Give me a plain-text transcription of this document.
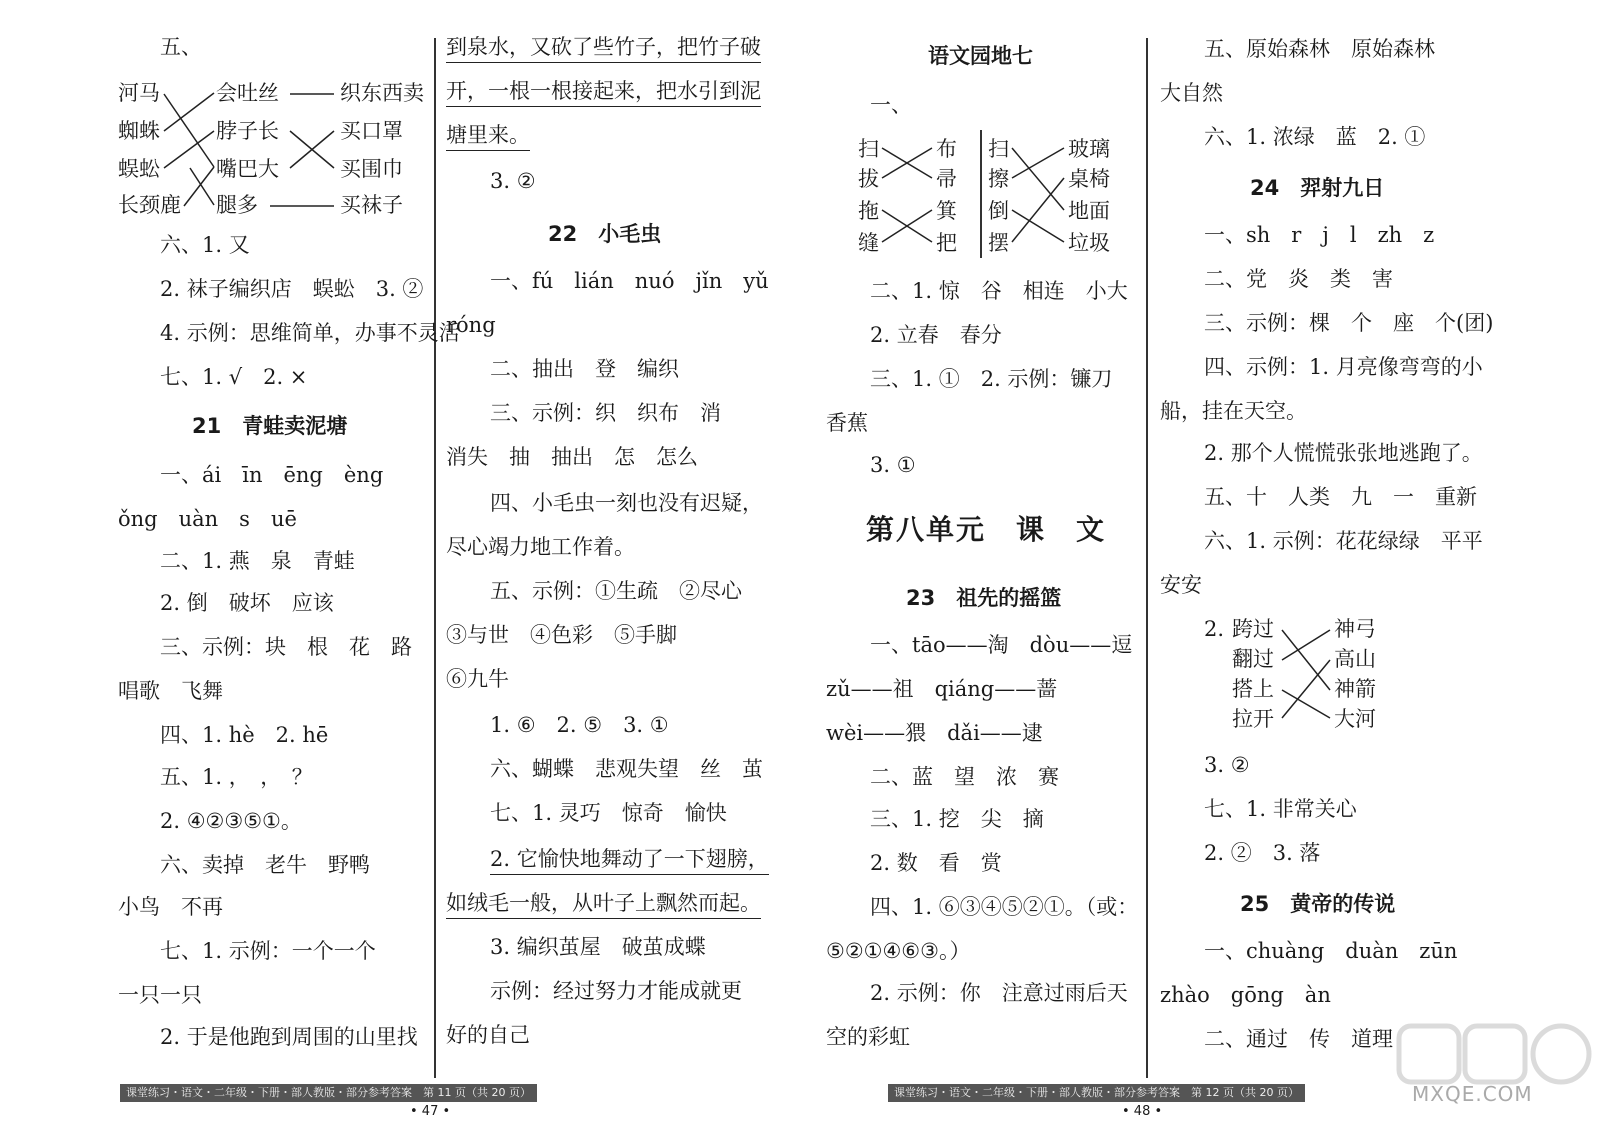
五、
河马
蜘蛛
蜈蚣
长颈鹿
会吐丝
脖子长
嘴巴大
腿多
织东西卖
买口罩
买围巾
买袜子
六、1. 又
2. 袜子编织店　蜈蚣　3. ②
4. 示例：思维简单，办事不灵活
七、1. √　2. ×
21　青蛙卖泥塘
一、ái　īn　ēng　èng
ǒng　uàn　s　uē
二、1. 燕　泉　青蛙
2. 倒　破坏　应该
三、示例：块　根　花　路
唱歌　飞舞
四、1. hè　2. hē
五、1. ，　，　？
2. ④②③⑤①。
六、卖掉　老牛　野鸭
小鸟　不再
七、1. 示例：一个一个
一只一只
2. 于是他跑到周围的山里找
到泉水，又砍了些竹子，把竹子破
开，一根一根接起来，把水引到泥
塘里来。
3. ②
22　小毛虫
一、fú　lián　nuó　jǐn　yǔ
róng
二、抽出　登　编织
三、示例：织　织布　消
消失　抽　抽出　怎　怎么
四、小毛虫一刻也没有迟疑，
尽心竭力地工作着。
五、示例：①生疏　②尽心
③与世　④色彩　⑤手脚
⑥九牛
1. ⑥　2. ⑤　3. ①
六、蝴蝶　悲观失望　丝　茧
七、1. 灵巧　惊奇　愉快
2. 它愉快地舞动了一下翅膀，
如绒毛一般，从叶子上飘然而起。
3. 编织茧屋　破茧成蝶
示例：经过努力才能成就更
好的自己
语文园地七
一、
扫
拔
拖
缝
布
帚
箕
把
扫
擦
倒
摆
玻璃
桌椅
地面
垃圾
二、1. 惊　谷　相连　小大
2. 立春　春分
三、1. ①　2. 示例：镰刀
香蕉
3. ①
第八单元　课　文
23　祖先的摇篮
一、tāo——淘　dòu——逗
zǔ——祖　qiáng——蔷
wèi——猥　dǎi——逮
二、蓝　望　浓　赛
三、1. 挖　尖　摘
2. 数　看　赏
四、1. ⑥③④⑤②①。（或：
⑤②①④⑥③。）
2. 示例：你　注意过雨后天
空的彩虹
五、原始森林　原始森林
大自然
六、1. 浓绿　蓝　2. ①
24　羿射九日
一、sh　r　j　l　zh　z
二、党　炎　类　害
三、示例：棵　个　座　个(团)
四、示例：1. 月亮像弯弯的小
船，挂在天空。
2. 那个人慌慌张张地逃跑了。
五、十　人类　九　一　重新
六、1. 示例：花花绿绿　平平
安安
2. 跨过
翻过
搭上
拉开
神弓
高山
神箭
大河
3. ②
七、1. 非常关心
2. ②　3. 落
25　黄帝的传说
一、chuàng　duàn　zūn
zhào　gōng　àn
二、通过　传　道理
课堂练习・语文・二年级・下册・部人教版・部分参考答案　第 11 页（共 20 页）
• 47 •
课堂练习・语文・二年级・下册・部人教版・部分参考答案　第 12 页（共 20 页）
• 48 •
MXQE.COM
